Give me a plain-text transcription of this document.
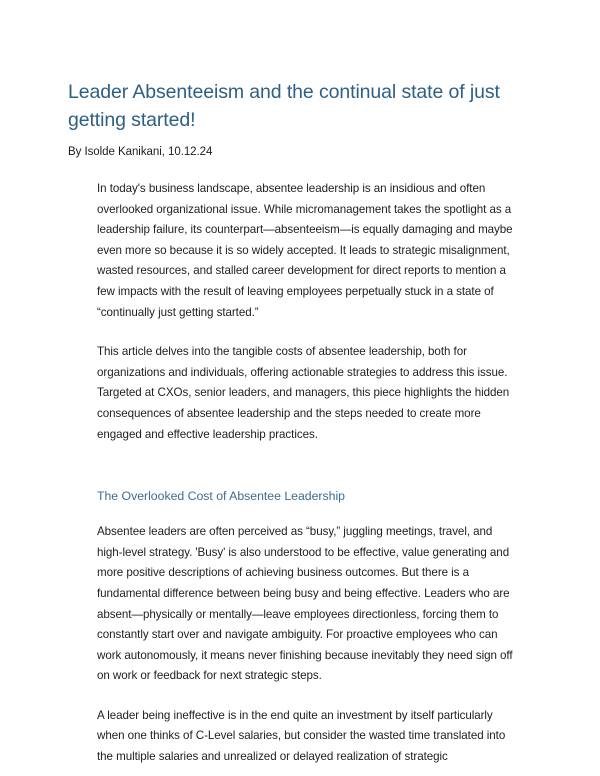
Leader Absenteeism and the continual state of just getting started!

By Isolde Kanikani, 10.12.24

In today's business landscape, absentee leadership is an insidious and often overlooked organizational issue. While micromanagement takes the spotlight as a leadership failure, its counterpart—absenteeism—is equally damaging and maybe even more so because it is so widely accepted. It leads to strategic misalignment, wasted resources, and stalled career development for direct reports to mention a few impacts with the result of leaving employees perpetually stuck in a state of “continually just getting started.”

This article delves into the tangible costs of absentee leadership, both for organizations and individuals, offering actionable strategies to address this issue. Targeted at CXOs, senior leaders, and managers, this piece highlights the hidden consequences of absentee leadership and the steps needed to create more engaged and effective leadership practices.

The Overlooked Cost of Absentee Leadership

Absentee leaders are often perceived as “busy,” juggling meetings, travel, and high-level strategy. 'Busy' is also understood to be effective, value generating and more positive descriptions of achieving business outcomes. But there is a fundamental difference between being busy and being effective. Leaders who are absent—physically or mentally—leave employees directionless, forcing them to constantly start over and navigate ambiguity. For proactive employees who can work autonomously, it means never finishing because inevitably they need sign off on work or feedback for next strategic steps.

A leader being ineffective is in the end quite an investment by itself particularly when one thinks of C-Level salaries, but consider the wasted time translated into the multiple salaries and unrealized or delayed realization of strategic
